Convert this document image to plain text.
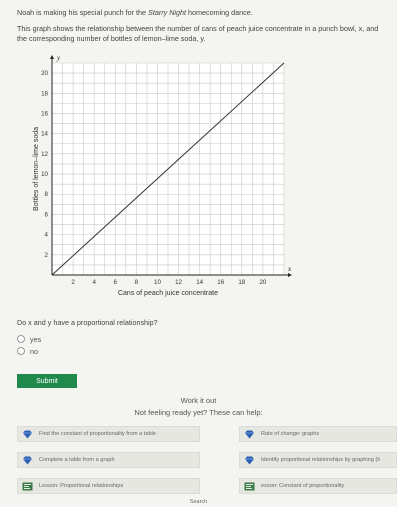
Noah is making his special punch for the Starry Night homecoming dance.
This graph shows the relationship between the number of cans of peach juice concentrate in a punch bowl, x, and the corresponding number of bottles of lemon–lime soda, y.
x
y
2	4	6	8	10 12 14 16 18 20
2
4
6
8
10
12
14
16
18
20
Cans of peach juice concentrate
Bottles of lemon–lime soda
Do x and y have a proportional relationship?
yes
no
Submit
Work it out
Not feeling ready yet? These can help:
Find the constant of proportionality from a table	Rate of change: graphs
Complete a table from a graph	Identify proportional relationships by graphing (li
Lesson: Proportional relationships	esson: Constant of proportionality
Search
